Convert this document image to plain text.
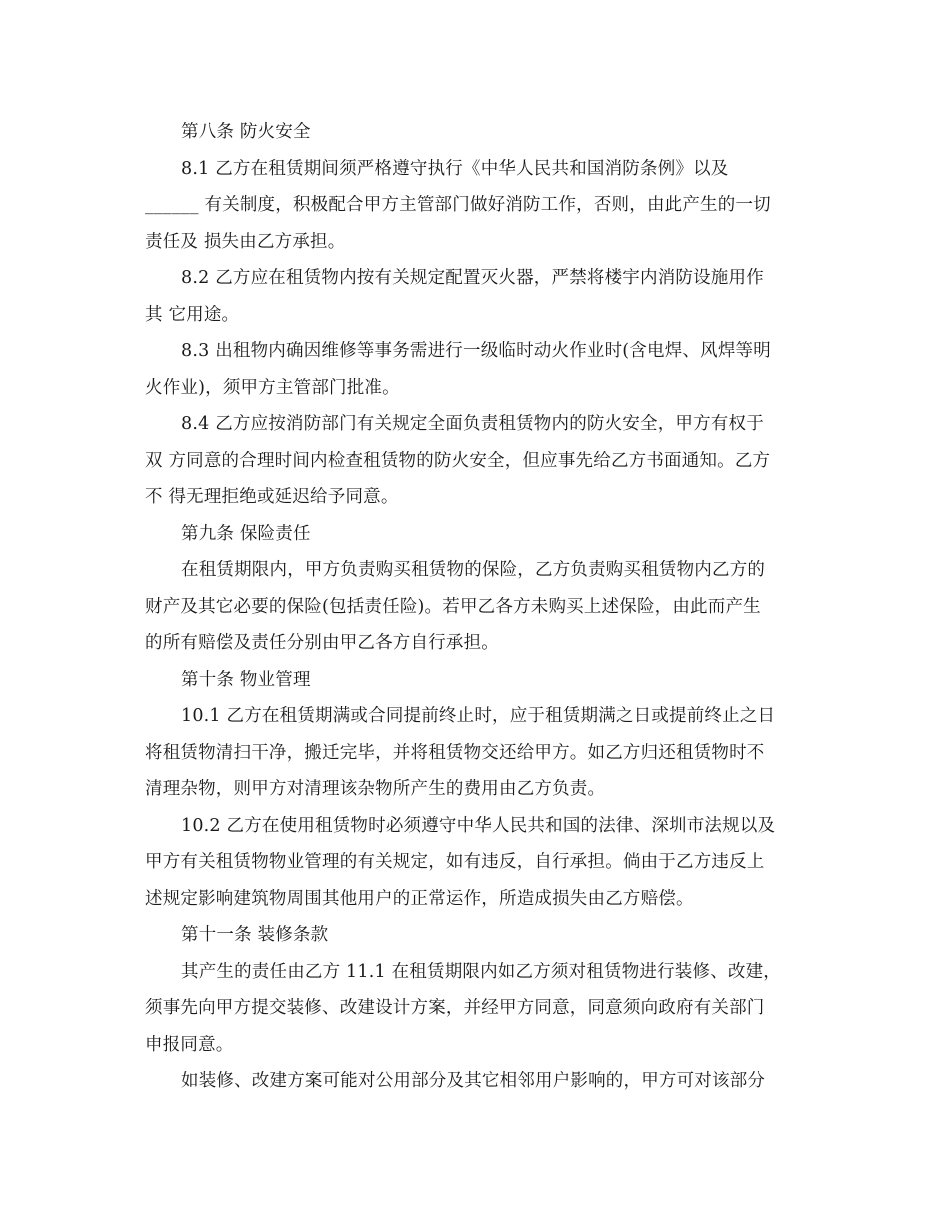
第八条 防火安全
8.1 乙方在租赁期间须严格遵守执行《中华人民共和国消防条例》以及
______ 有关制度，积极配合甲方主管部门做好消防工作，否则，由此产生的一切
责任及 损失由乙方承担。
8.2 乙方应在租赁物内按有关规定配置灭火器，严禁将楼宇内消防设施用作
其 它用途。
8.3 出租物内确因维修等事务需进行一级临时动火作业时(含电焊、风焊等明
火作业)，须甲方主管部门批准。
8.4 乙方应按消防部门有关规定全面负责租赁物内的防火安全，甲方有权于
双 方同意的合理时间内检查租赁物的防火安全，但应事先给乙方书面通知。乙方
不 得无理拒绝或延迟给予同意。
第九条 保险责任
在租赁期限内，甲方负责购买租赁物的保险，乙方负责购买租赁物内乙方的
财产及其它必要的保险(包括责任险)。若甲乙各方未购买上述保险，由此而产生
的所有赔偿及责任分别由甲乙各方自行承担。
第十条 物业管理
10.1 乙方在租赁期满或合同提前终止时，应于租赁期满之日或提前终止之日
将租赁物清扫干净，搬迁完毕，并将租赁物交还给甲方。如乙方归还租赁物时不
清理杂物，则甲方对清理该杂物所产生的费用由乙方负责。
10.2 乙方在使用租赁物时必须遵守中华人民共和国的法律、深圳市法规以及
甲方有关租赁物物业管理的有关规定，如有违反，自行承担。倘由于乙方违反上
述规定影响建筑物周围其他用户的正常运作，所造成损失由乙方赔偿。
第十一条 装修条款
其产生的责任由乙方 11.1 在租赁期限内如乙方须对租赁物进行装修、改建，
须事先向甲方提交装修、改建设计方案，并经甲方同意，同意须向政府有关部门
申报同意。
如装修、改建方案可能对公用部分及其它相邻用户影响的，甲方可对该部分
